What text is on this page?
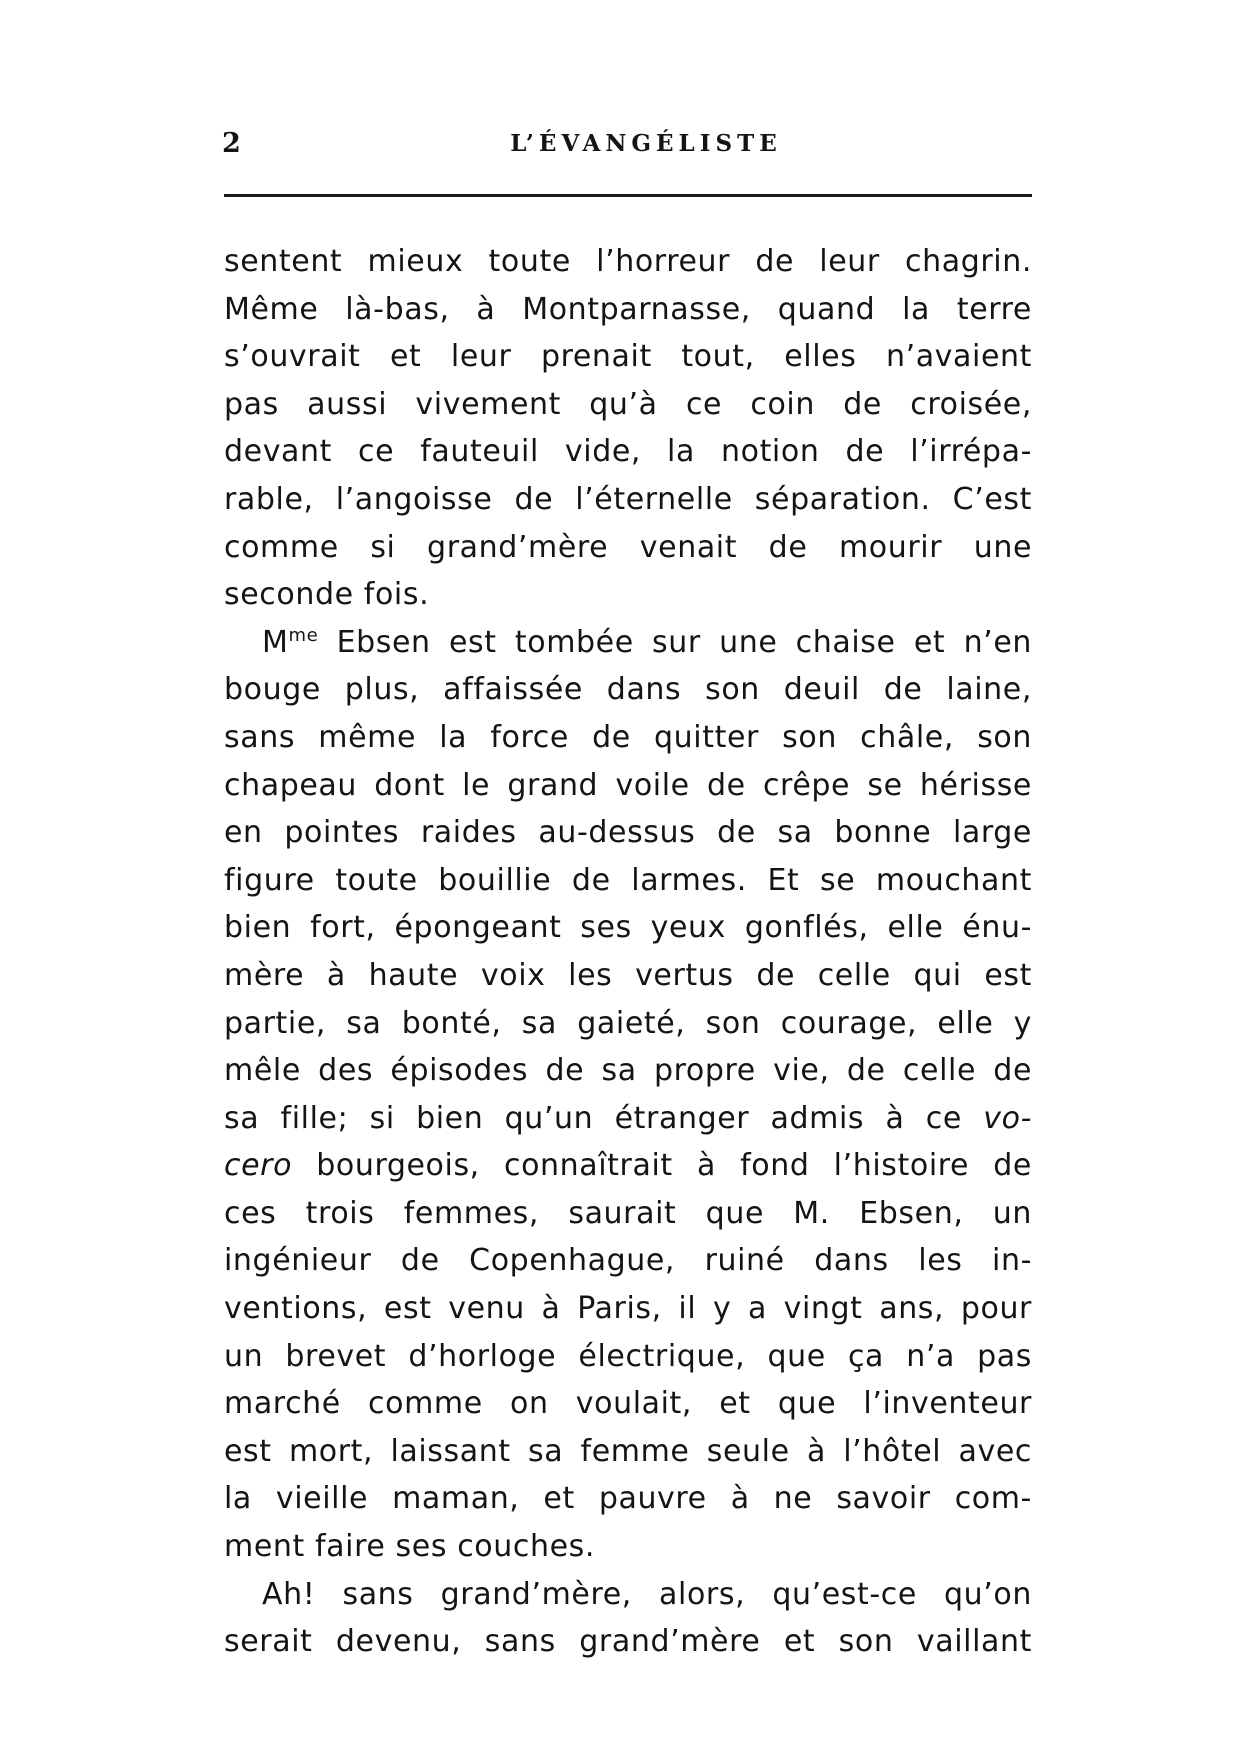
2	L’ÉVANGÉLISTE
sentent mieux toute l’horreur de leur chagrin.
Même là-bas, à Montparnasse, quand la terre
s’ouvrait et leur prenait tout, elles n’avaient
pas aussi vivement qu’à ce coin de croisée,
devant ce fauteuil vide, la notion de l’irrépa-
rable, l’angoisse de l’éternelle séparation. C’est
comme si grand’mère venait de mourir une
seconde fois.
$M^{me}$ Ebsen est tombée sur une chaise et n’en
bouge plus, affaissée dans son deuil de laine,
sans même la force de quitter son châle, son
chapeau dont le grand voile de crêpe se hérisse
en pointes raides au-dessus de sa bonne large
figure toute bouillie de larmes. Et se mouchant
bien fort, épongeant ses yeux gonflés, elle énu-
mère à haute voix les vertus de celle qui est
partie, sa bonté, sa gaieté, son courage, elle y
mêle des épisodes de sa propre vie, de celle de
sa fille; si bien qu’un étranger admis à ce vo-
cero bourgeois, connaîtrait à fond l’histoire de
ces trois femmes, saurait que M. Ebsen, un
ingénieur de Copenhague, ruiné dans les in-
ventions, est venu à Paris, il y a vingt ans, pour
un brevet d’horloge électrique, que ça n’a pas
marché comme on voulait, et que l’inventeur
est mort, laissant sa femme seule à l’hôtel avec
la vieille maman, et pauvre à ne savoir com-
ment faire ses couches.
Ah! sans grand’mère, alors, qu’est-ce qu’on
serait devenu, sans grand’mère et son vaillant
